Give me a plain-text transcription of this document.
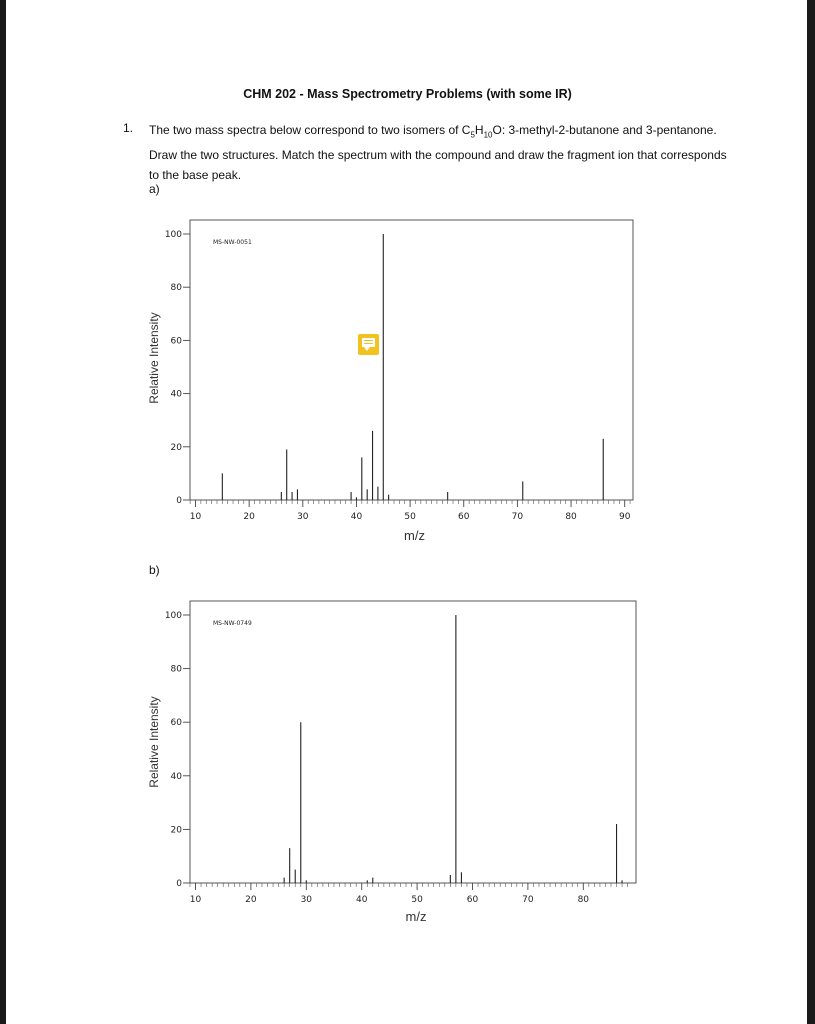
CHM 202 - Mass Spectrometry Problems (with some IR)
1. The two mass spectra below correspond to two isomers of $C_5H_{10}O$: 3-methyl-2-butanone and 3-pentanone. Draw the two structures. Match the spectrum with the compound and draw the fragment ion that corresponds to the base peak.
a)
b)
MS-NW-0051
0
20
40
60
80
100
10	20	30	40	50	60	70	80	90
Relative Intensity
m/z
MS-NW-0749
0
20
40
60
80
100
10	20	30	40	50	60	70	80
Relative Intensity
m/z
